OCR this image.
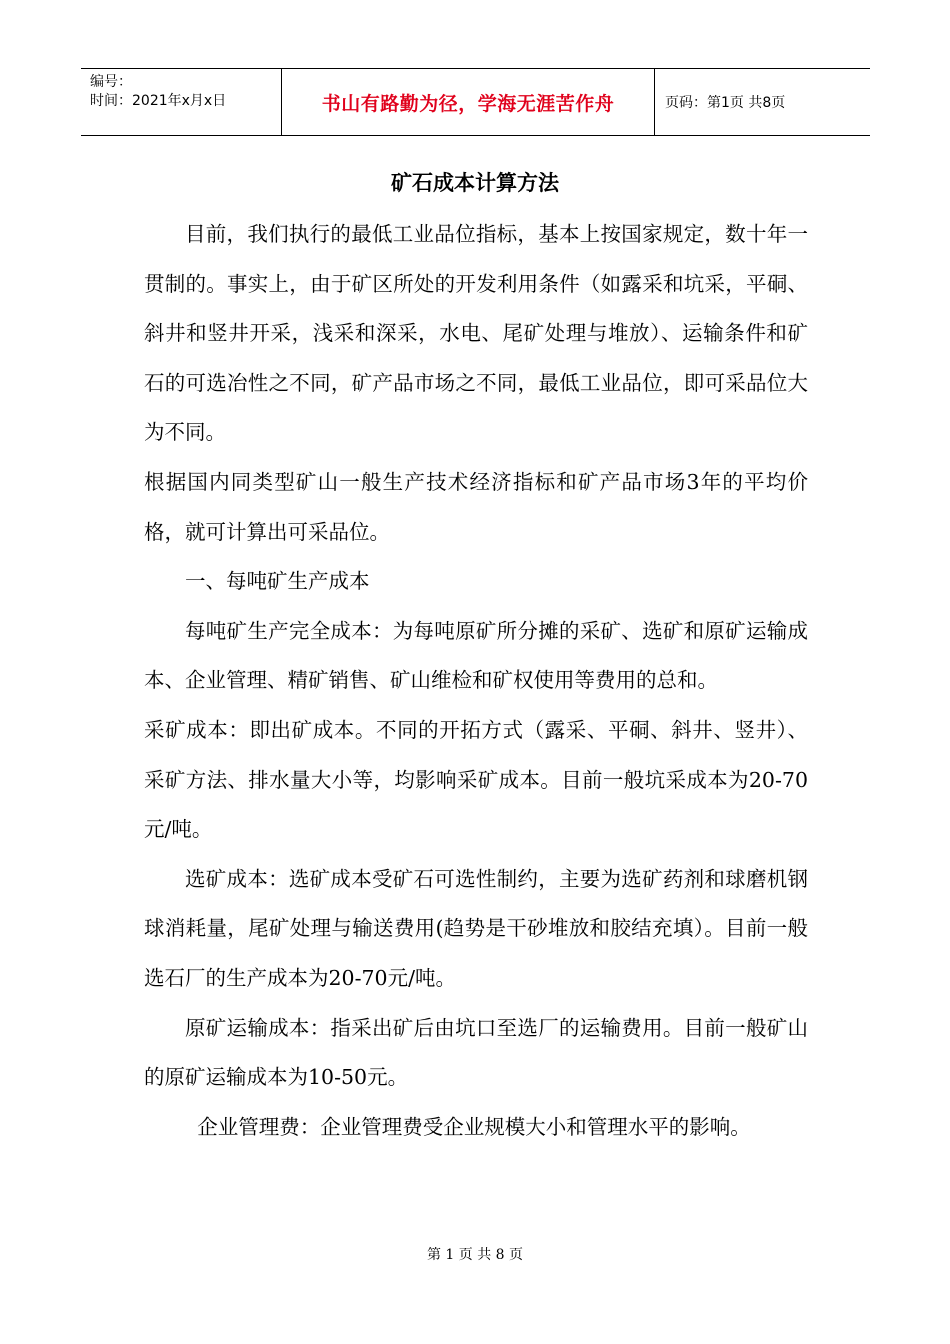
编号：
时间：2021年x月x日	书山有路勤为径，学海无涯苦作舟	页码：第1页 共8页
矿石成本计算方法

目前，我们执行的最低工业品位指标，基本上按国家规定，数十年一贯制的。事实上，由于矿区所处的开发利用条件（如露采和坑采，平硐、斜井和竖井开采，浅采和深采，水电、尾矿处理与堆放）、运输条件和矿石的可选冶性之不同，矿产品市场之不同，最低工业品位，即可采品位大为不同。

根据国内同类型矿山一般生产技术经济指标和矿产品市场3年的平均价格，就可计算出可采品位。

一、每吨矿生产成本

每吨矿生产完全成本：为每吨原矿所分摊的采矿、选矿和原矿运输成本、企业管理、精矿销售、矿山维检和矿权使用等费用的总和。

采矿成本：即出矿成本。不同的开拓方式（露采、平硐、斜井、竖井）、采矿方法、排水量大小等，均影响采矿成本。目前一般坑采成本为20-70元/吨。

选矿成本：选矿成本受矿石可选性制约，主要为选矿药剂和球磨机钢球消耗量，尾矿处理与输送费用(趋势是干砂堆放和胶结充填）。目前一般选石厂的生产成本为20-70元/吨。

原矿运输成本：指采出矿后由坑口至选厂的运输费用。目前一般矿山的原矿运输成本为10-50元。

企业管理费：企业管理费受企业规模大小和管理水平的影响。

第 1 页 共 8 页
